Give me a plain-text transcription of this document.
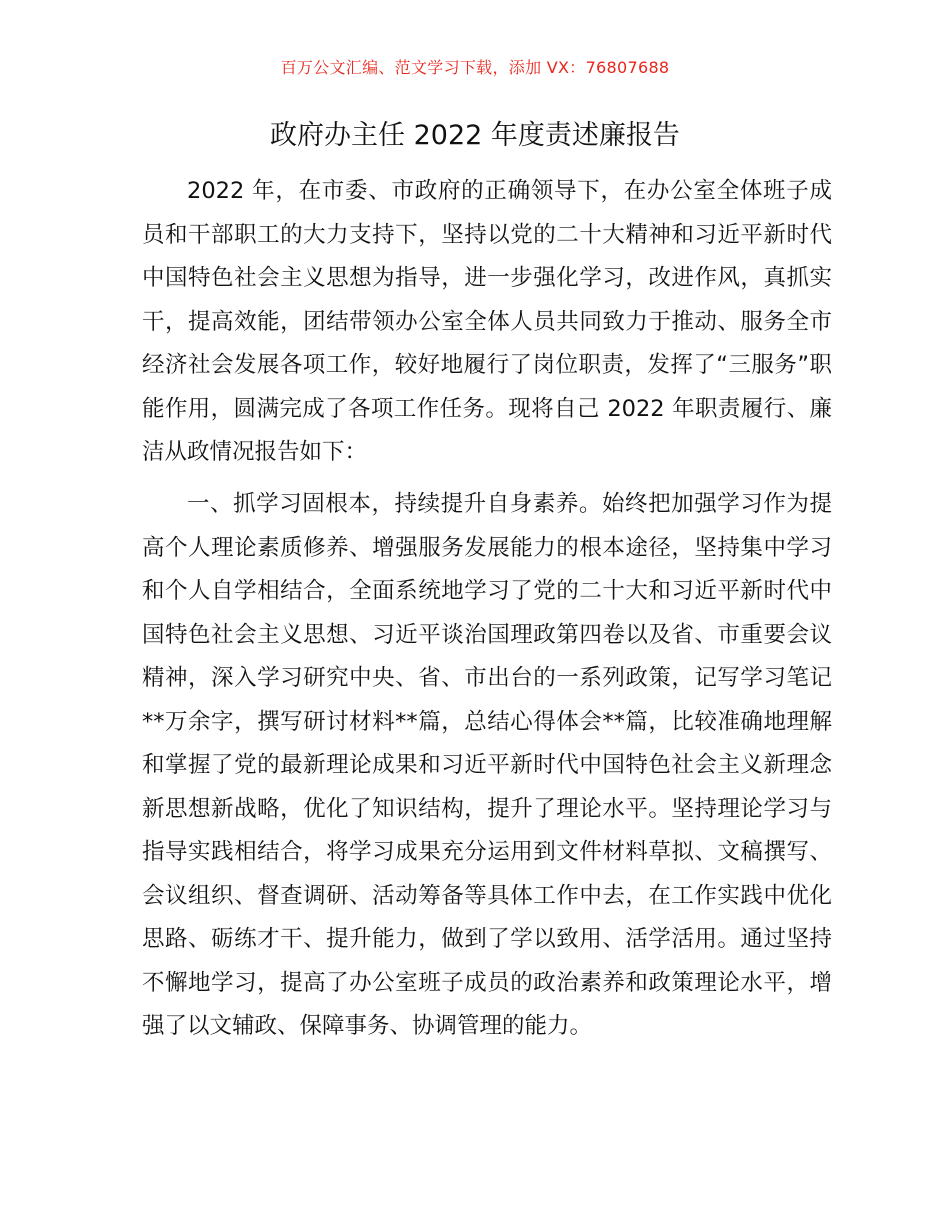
百万公文汇编、范文学习下载，添加 VX：76807688
政府办主任 2022 年度责述廉报告

2022 年，在市委、市政府的正确领导下，在办公室全体班子成员和干部职工的大力支持下，坚持以党的二十大精神和习近平新时代中国特色社会主义思想为指导，进一步强化学习，改进作风，真抓实干，提高效能，团结带领办公室全体人员共同致力于推动、服务全市经济社会发展各项工作，较好地履行了岗位职责，发挥了“三服务”职能作用，圆满完成了各项工作任务。现将自己 2022 年职责履行、廉洁从政情况报告如下：

一、抓学习固根本，持续提升自身素养。始终把加强学习作为提高个人理论素质修养、增强服务发展能力的根本途径，坚持集中学习和个人自学相结合，全面系统地学习了党的二十大和习近平新时代中国特色社会主义思想、习近平谈治国理政第四卷以及省、市重要会议精神，深入学习研究中央、省、市出台的一系列政策，记写学习笔记**万余字，撰写研讨材料**篇，总结心得体会**篇，比较准确地理解和掌握了党的最新理论成果和习近平新时代中国特色社会主义新理念新思想新战略，优化了知识结构，提升了理论水平。坚持理论学习与指导实践相结合，将学习成果充分运用到文件材料草拟、文稿撰写、会议组织、督查调研、活动筹备等具体工作中去，在工作实践中优化思路、砺练才干、提升能力，做到了学以致用、活学活用。通过坚持不懈地学习，提高了办公室班子成员的政治素养和政策理论水平，增强了以文辅政、保障事务、协调管理的能力。
